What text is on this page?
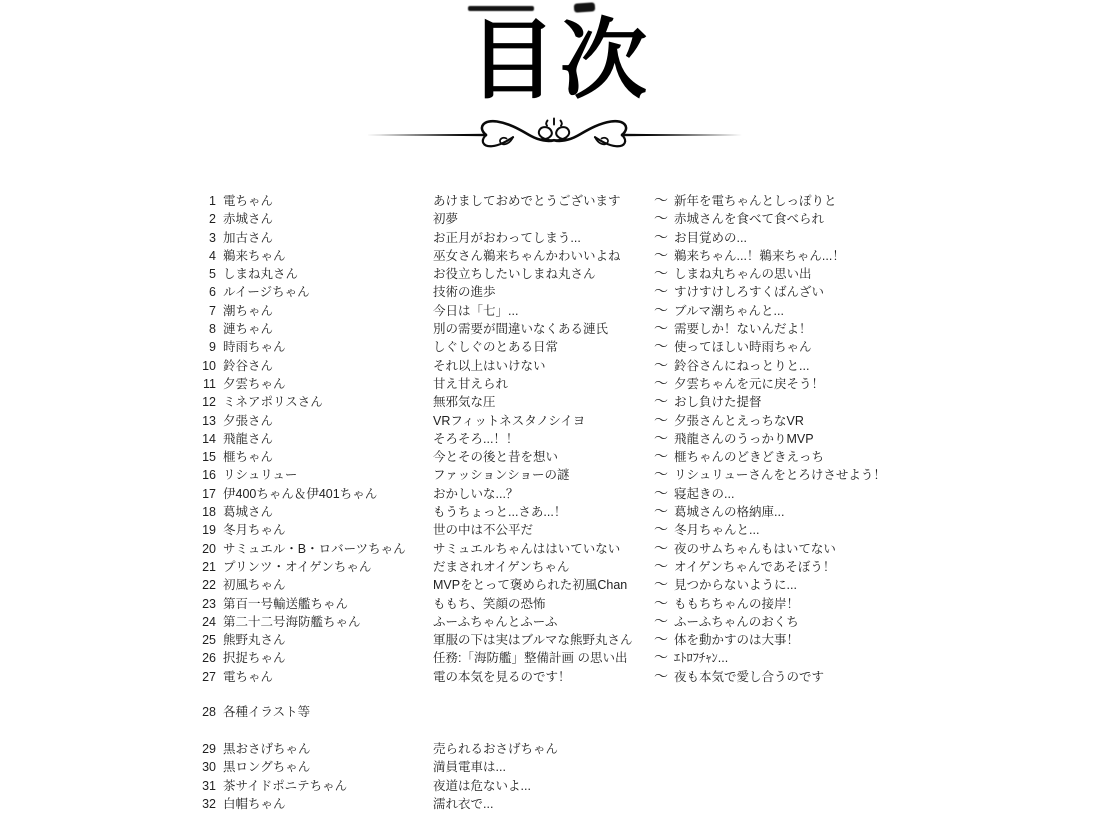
目次
1 電ちゃん	あけましておめでとうございます	〜 新年を電ちゃんとしっぽりと
2 赤城さん	初夢	〜 赤城さんを食べて食べられ
3 加古さん	お正月がおわってしまう...	〜 お目覚めの...
4 鵜来ちゃん	巫女さん鵜来ちゃんかわいいよね	〜 鵜来ちゃん...！鵜来ちゃん...！
5 しまね丸さん	お役立ちしたいしまね丸さん	〜 しまね丸ちゃんの思い出
6 ルイージちゃん	技術の進歩	〜 すけすけしろすくばんざい
7 潮ちゃん	今日は「七」...	〜 ブルマ潮ちゃんと...
8 漣ちゃん	別の需要が間違いなくある漣氏	〜 需要しか！ないんだよ！
9 時雨ちゃん	しぐしぐのとある日常	〜 使ってほしい時雨ちゃん
10 鈴谷さん	それ以上はいけない	〜 鈴谷さんにねっとりと...
11 夕雲ちゃん	甘え甘えられ	〜 夕雲ちゃんを元に戻そう！
12 ミネアポリスさん	無邪気な圧	〜 おし負けた提督
13 夕張さん	VRフィットネスタノシイヨ	〜 夕張さんとえっちなVR
14 飛龍さん	そろそろ...！！	〜 飛龍さんのうっかりMVP
15 榧ちゃん	今とその後と昔を想い	〜 榧ちゃんのどきどきえっち
16 リシュリュー	ファッションショーの謎	〜 リシュリューさんをとろけさせよう！
17 伊400ちゃん＆伊401ちゃん	おかしいな...？	〜 寝起きの...
18 葛城さん	もうちょっと...さあ...！	〜 葛城さんの格納庫...
19 冬月ちゃん	世の中は不公平だ	〜 冬月ちゃんと...
20 サミュエル・B・ロバーツちゃん	サミュエルちゃんははいていない	〜 夜のサムちゃんもはいてない
21 プリンツ・オイゲンちゃん	だまされオイゲンちゃん	〜 オイゲンちゃんであそぼう！
22 初風ちゃん	MVPをとって褒められた初風Chan	〜 見つからないように...
23 第百一号輸送艦ちゃん	ももち、笑顔の恐怖	〜 ももちちゃんの接岸！
24 第二十二号海防艦ちゃん	ふーふちゃんとふーふ	〜 ふーふちゃんのおくち
25 熊野丸さん	軍服の下は実はブルマな熊野丸さん	〜 体を動かすのは大事！
26 択捉ちゃん	任務:「海防艦」整備計画 の思い出	〜 ｴﾄﾛﾌﾁｬﾝ...
27 電ちゃん	電の本気を見るのです！	〜 夜も本気で愛し合うのです
28 各種イラスト等
29 黒おさげちゃん	売られるおさげちゃん
30 黒ロングちゃん	満員電車は...
31 茶サイドポニテちゃん	夜道は危ないよ...
32 白帽ちゃん	濡れ衣で...
